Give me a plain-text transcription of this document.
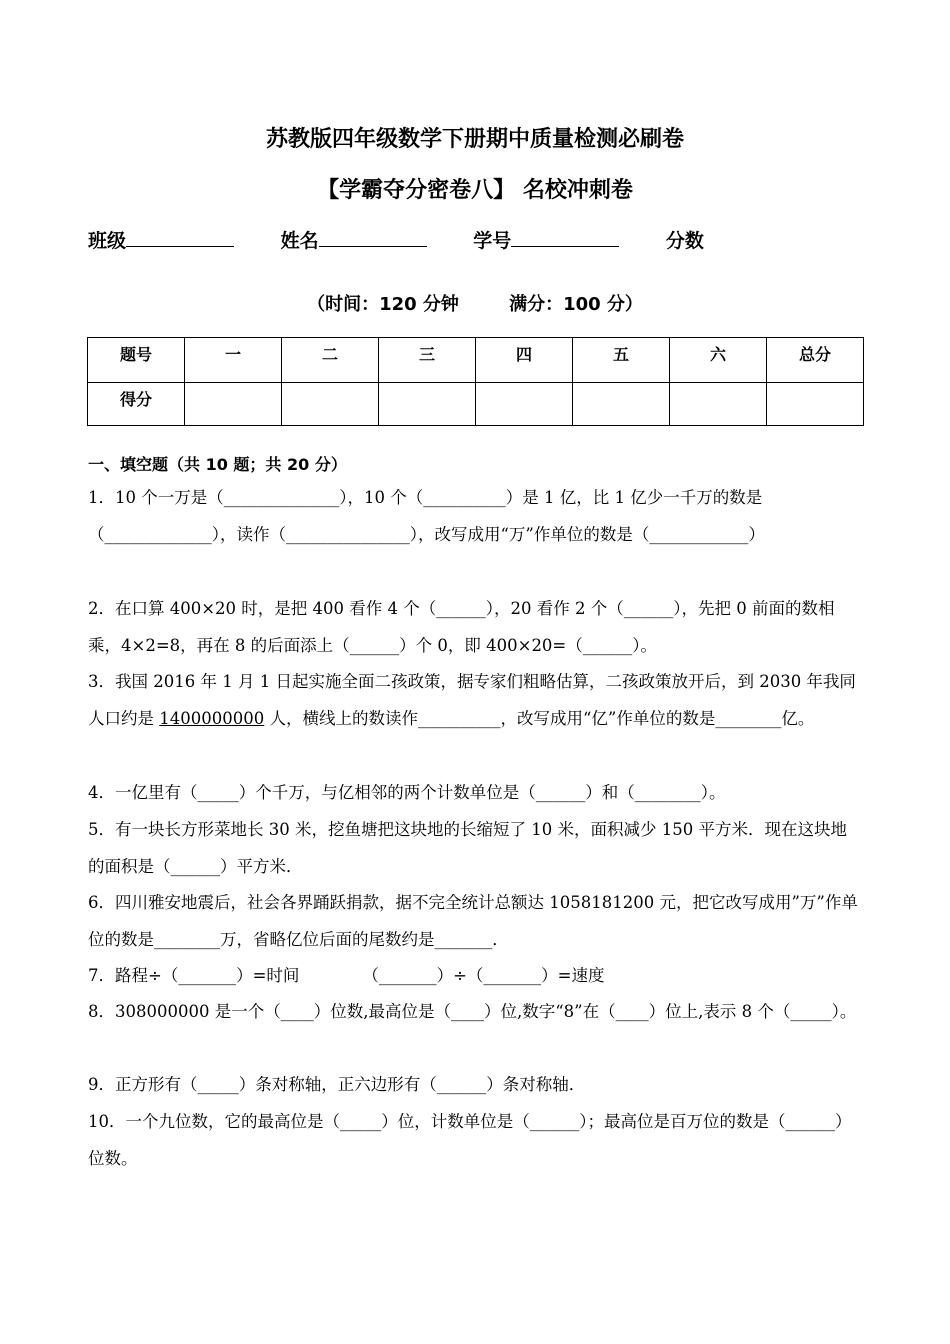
苏教版四年级数学下册期中质量检测必刷卷
【学霸夺分密卷八】 名校冲刺卷
班级	姓名	学号	分数
（时间：120 分钟        满分：100 分）
题号	一	二	三	四	五	六	总分
得分							
一、填空题（共 10 题；共 20 分）

1．10 个一万是（______________），10 个（__________）是 1 亿，比 1 亿少一千万的数是（_____________），读作（_______________），改写成用“万”作单位的数是（____________）

2．在口算 400×20 时，是把 400 看作 4 个（______），20 看作 2 个（______），先把 0 前面的数相乘，4×2=8，再在 8 的后面添上（______）个 0，即 400×20=（______）。

3．我国 2016 年 1 月 1 日起实施全面二孩政策，据专家们粗略估算，二孩政策放开后，到 2030 年我同人口约是 1400000000 人，横线上的数读作__________，改写成用“亿”作单位的数是________亿。

4．一亿里有（_____）个千万，与亿相邻的两个计数单位是（______）和（________）。

5．有一块长方形菜地长 30 米，挖鱼塘把这块地的长缩短了 10 米，面积减少 150 平方米．现在这块地的面积是（______）平方米．

6．四川雅安地震后，社会各界踊跃捐款，据不完全统计总额达 1058181200 元，把它改写成用”万”作单位的数是________万，省略亿位后面的尾数约是_______．

7．路程÷（_______）=时间            （_______）÷（_______）=速度

8．308000000 是一个（____）位数,最高位是（____）位,数字“8”在（____）位上,表示 8 个（_____）。

9．正方形有（_____）条对称轴，正六边形有（______）条对称轴．

10．一个九位数，它的最高位是（_____）位，计数单位是（______）；最高位是百万位的数是（______）位数。
